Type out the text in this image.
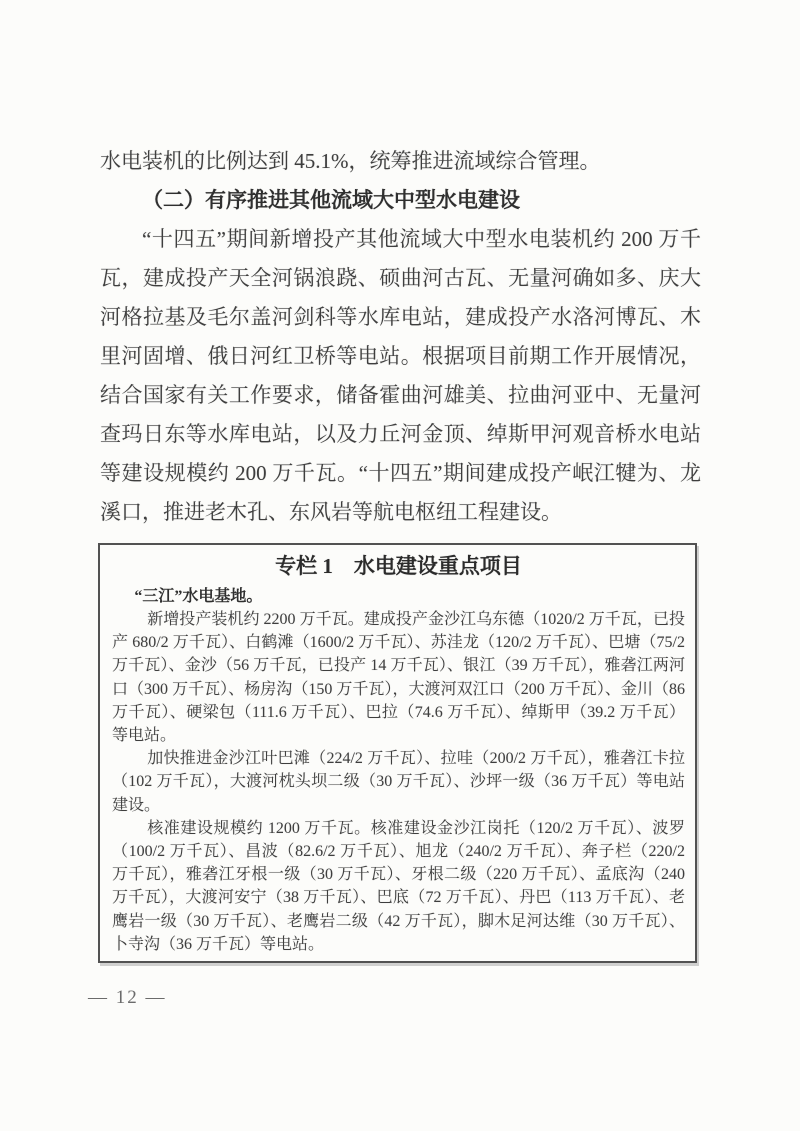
水电装机的比例达到 45.1%，统筹推进流域综合管理。

（二）有序推进其他流域大中型水电建设

“十四五”期间新增投产其他流域大中型水电装机约 200 万千瓦，建成投产天全河锅浪跷、硕曲河古瓦、无量河确如多、庆大河格拉基及毛尔盖河剑科等水库电站，建成投产水洛河博瓦、木里河固增、俄日河红卫桥等电站。根据项目前期工作开展情况，结合国家有关工作要求，储备霍曲河雄美、拉曲河亚中、无量河查玛日东等水库电站，以及力丘河金顶、绰斯甲河观音桥水电站等建设规模约 200 万千瓦。“十四五”期间建成投产岷江犍为、龙溪口，推进老木孔、东风岩等航电枢纽工程建设。

专栏 1　水电建设重点项目

“三江”水电基地。

新增投产装机约 2200 万千瓦。建成投产金沙江乌东德（1020/2 万千瓦，已投产 680/2 万千瓦）、白鹤滩（1600/2 万千瓦）、苏洼龙（120/2 万千瓦）、巴塘（75/2 万千瓦）、金沙（56 万千瓦，已投产 14 万千瓦）、银江（39 万千瓦），雅砻江两河口（300 万千瓦）、杨房沟（150 万千瓦），大渡河双江口（200 万千瓦）、金川（86 万千瓦）、硬梁包（111.6 万千瓦）、巴拉（74.6 万千瓦）、绰斯甲（39.2 万千瓦）等电站。

加快推进金沙江叶巴滩（224/2 万千瓦）、拉哇（200/2 万千瓦），雅砻江卡拉（102 万千瓦），大渡河枕头坝二级（30 万千瓦）、沙坪一级（36 万千瓦）等电站建设。

核准建设规模约 1200 万千瓦。核准建设金沙江岗托（120/2 万千瓦）、波罗（100/2 万千瓦）、昌波（82.6/2 万千瓦）、旭龙（240/2 万千瓦）、奔子栏（220/2 万千瓦），雅砻江牙根一级（30 万千瓦）、牙根二级（220 万千瓦）、孟底沟（240 万千瓦），大渡河安宁（38 万千瓦）、巴底（72 万千瓦）、丹巴（113 万千瓦）、老鹰岩一级（30 万千瓦）、老鹰岩二级（42 万千瓦），脚木足河达维（30 万千瓦）、卜寺沟（36 万千瓦）等电站。

— 12 —
